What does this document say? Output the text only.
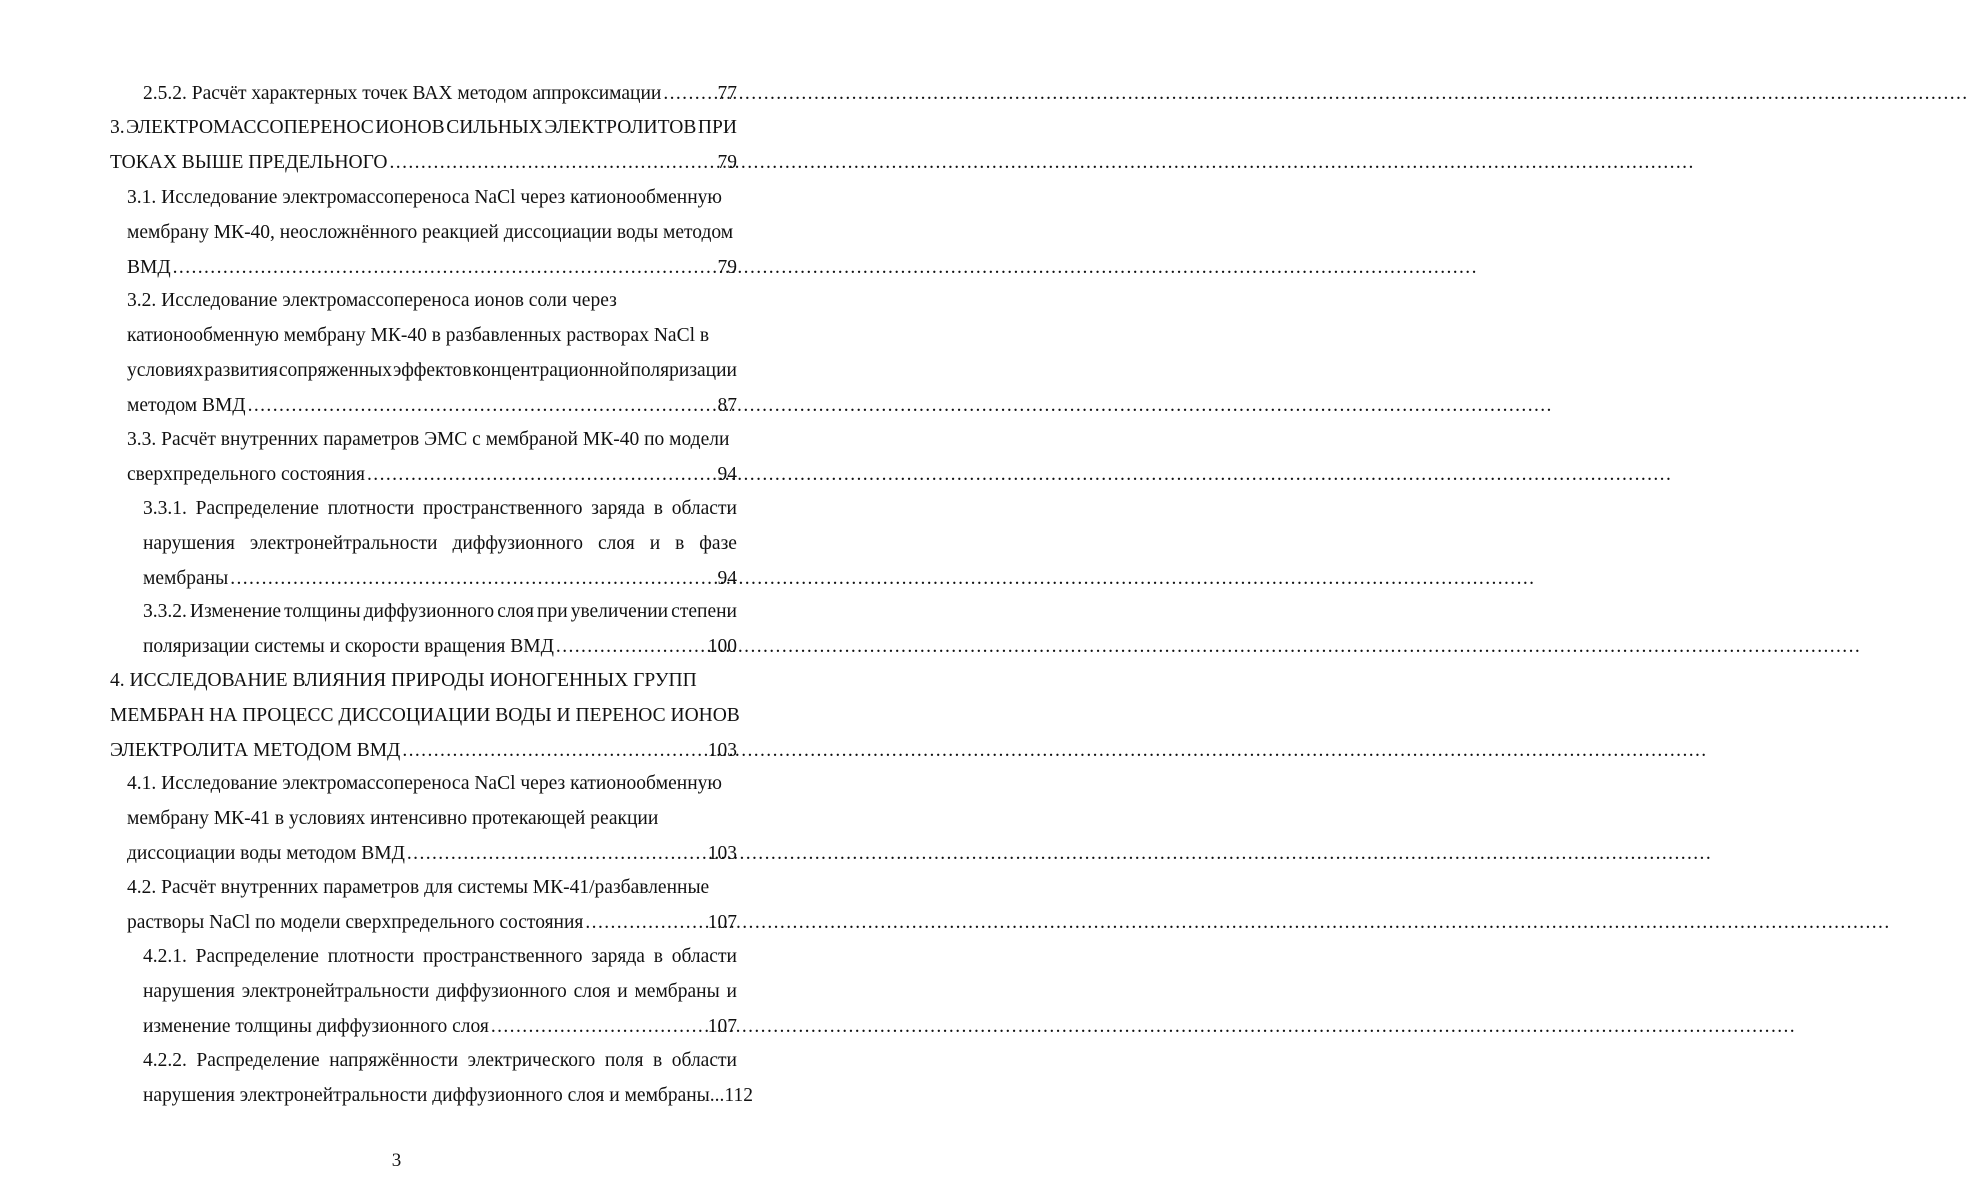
2.5.2. Расчёт характерных точек ВАХ методом аппроксимации .....	77
3. ЭЛЕКТРОМАССОПЕРЕНОС ИОНОВ СИЛЬНЫХ ЭЛЕКТРОЛИТОВ ПРИ
ТОКАХ ВЫШЕ ПРЕДЕЛЬНОГО .....	79
3.1. Исследование электромассопереноса NaCl через катионообменную
мембрану МК-40, неосложнённого реакцией диссоциации воды методом
ВМД .....	79
3.2. Исследование электромассопереноса ионов соли через
катионообменную мембрану МК-40 в разбавленных растворах NaCl в
условиях развития сопряженных эффектов концентрационной поляризации
методом ВМД .....	87
3.3. Расчёт внутренних параметров ЭМС с мембраной МК-40 по модели
сверхпредельного состояния .....	94
3.3.1. Распределение плотности пространственного заряда в области
нарушения электронейтральности диффузионного слоя и в фазе
мембраны .....	94
3.3.2. Изменение толщины диффузионного слоя при увеличении степени
поляризации системы и скорости вращения ВМД .....	100
4. ИССЛЕДОВАНИЕ ВЛИЯНИЯ ПРИРОДЫ ИОНОГЕННЫХ ГРУПП
МЕМБРАН НА ПРОЦЕСС ДИССОЦИАЦИИ ВОДЫ И ПЕРЕНОС ИОНОВ
ЭЛЕКТРОЛИТА МЕТОДОМ ВМД .....	103
4.1. Исследование электромассопереноса NaCl через катионообменную
мембрану МК-41 в условиях интенсивно протекающей реакции
диссоциации воды методом ВМД .....	103
4.2. Расчёт внутренних параметров для системы МК-41/разбавленные
растворы NaCl по модели сверхпредельного состояния .....	107
4.2.1. Распределение плотности пространственного заряда в области
нарушения электронейтральности диффузионного слоя и мембраны и
изменение толщины диффузионного слоя .....	107
4.2.2. Распределение напряжённости электрического поля в области
нарушения электронейтральности диффузионного слоя и мембраны... 112
3
